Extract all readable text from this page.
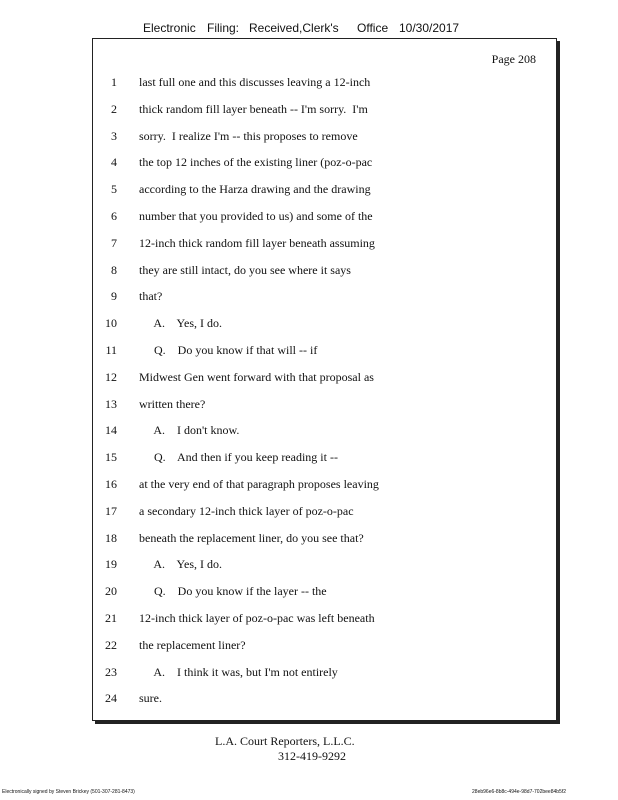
Electronic Filing: Received,Clerk's Office 10/30/2017
Page 208
1 last full one and this discusses leaving a 12-inch
2 thick random fill layer beneath -- I'm sorry.  I'm
3 sorry.  I realize I'm -- this proposes to remove
4 the top 12 inches of the existing liner (poz-o-pac
5 according to the Harza drawing and the drawing
6 number that you provided to us) and some of the
7 12-inch thick random fill layer beneath assuming
8 they are still intact, do you see where it says
9 that?
10 A.    Yes, I do.
11 Q.    Do you know if that will -- if
12 Midwest Gen went forward with that proposal as
13 written there?
14 A.    I don't know.
15 Q.    And then if you keep reading it --
16 at the very end of that paragraph proposes leaving
17 a secondary 12-inch thick layer of poz-o-pac
18 beneath the replacement liner, do you see that?
19 A.    Yes, I do.
20 Q.    Do you know if the layer -- the
21 12-inch thick layer of poz-o-pac was left beneath
22 the replacement liner?
23 A.    I think it was, but I'm not entirely
24 sure.
L.A. Court Reporters, L.L.C.
312-419-9292
Electronically signed by Steven Brickey (501-307-281-8473)	28eb96e6-8b8c-494e-98d7-702bee84b5f2
